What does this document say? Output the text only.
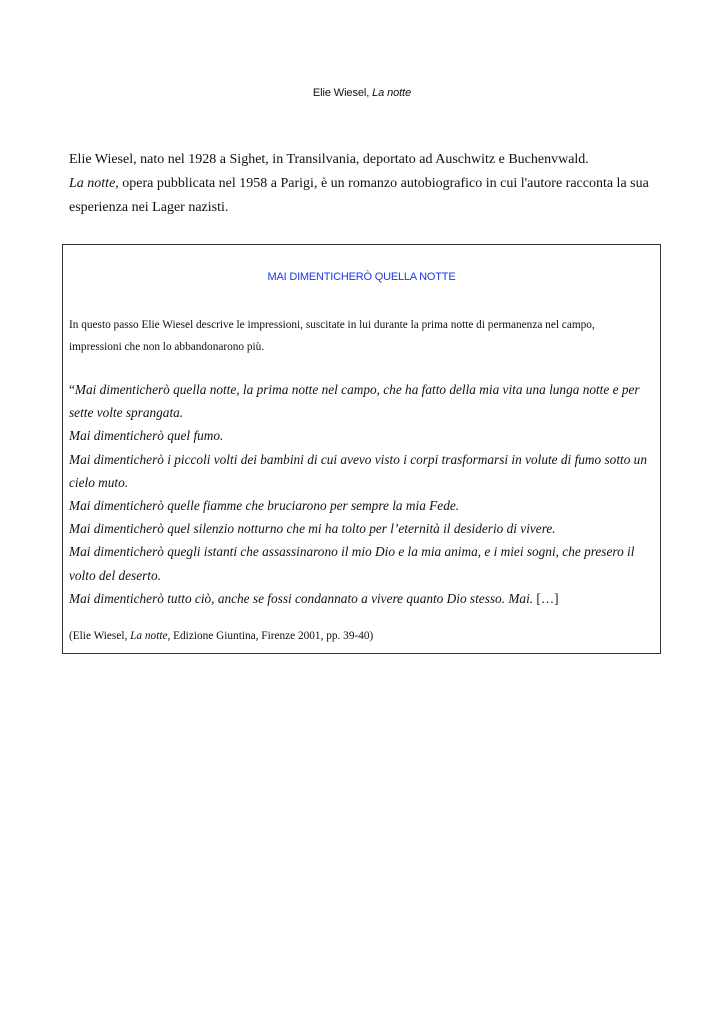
Elie Wiesel, La notte

Elie Wiesel, nato nel 1928 a Sighet, in Transilvania, deportato ad Auschwitz e Buchenvwald.

La notte, opera pubblicata nel 1958 a Parigi, è un romanzo autobiografico in cui l'autore racconta la sua

esperienza nei Lager nazisti.

MAI DIMENTICHERÒ QUELLA NOTTE
In questo passo Elie Wiesel descrive le impressioni, suscitate in lui durante la prima notte di permanenza nel campo,
impressioni che non lo abbandonarono più.
“Mai dimenticherò quella notte, la prima notte nel campo, che ha fatto della mia vita una lunga notte e per
sette volte sprangata.
Mai dimenticherò quel fumo.
Mai dimenticherò i piccoli volti dei bambini di cui avevo visto i corpi trasformarsi in volute di fumo sotto un
cielo muto.
Mai dimenticherò quelle fiamme che bruciarono per sempre la mia Fede.
Mai dimenticherò quel silenzio notturno che mi ha tolto per l’eternità il desiderio di vivere.
Mai dimenticherò quegli istanti che assassinarono il mio Dio e la mia anima, e i miei sogni, che presero il
volto del deserto.
Mai dimenticherò tutto ciò, anche se fossi condannato a vivere quanto Dio stesso. Mai. […]
(Elie Wiesel, La notte, Edizione Giuntina, Firenze 2001, pp. 39-40)
